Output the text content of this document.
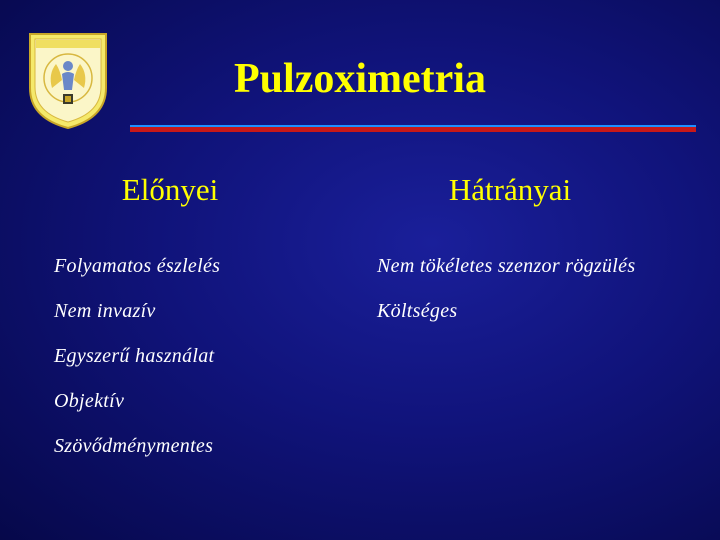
Pulzoximetria
Előnyei	Hátrányai
Folyamatos észlelés
Nem invazív
Egyszerű használat
Objektív
Szövődménymentes
Nem tökéletes szenzor rögzülés
Költséges
